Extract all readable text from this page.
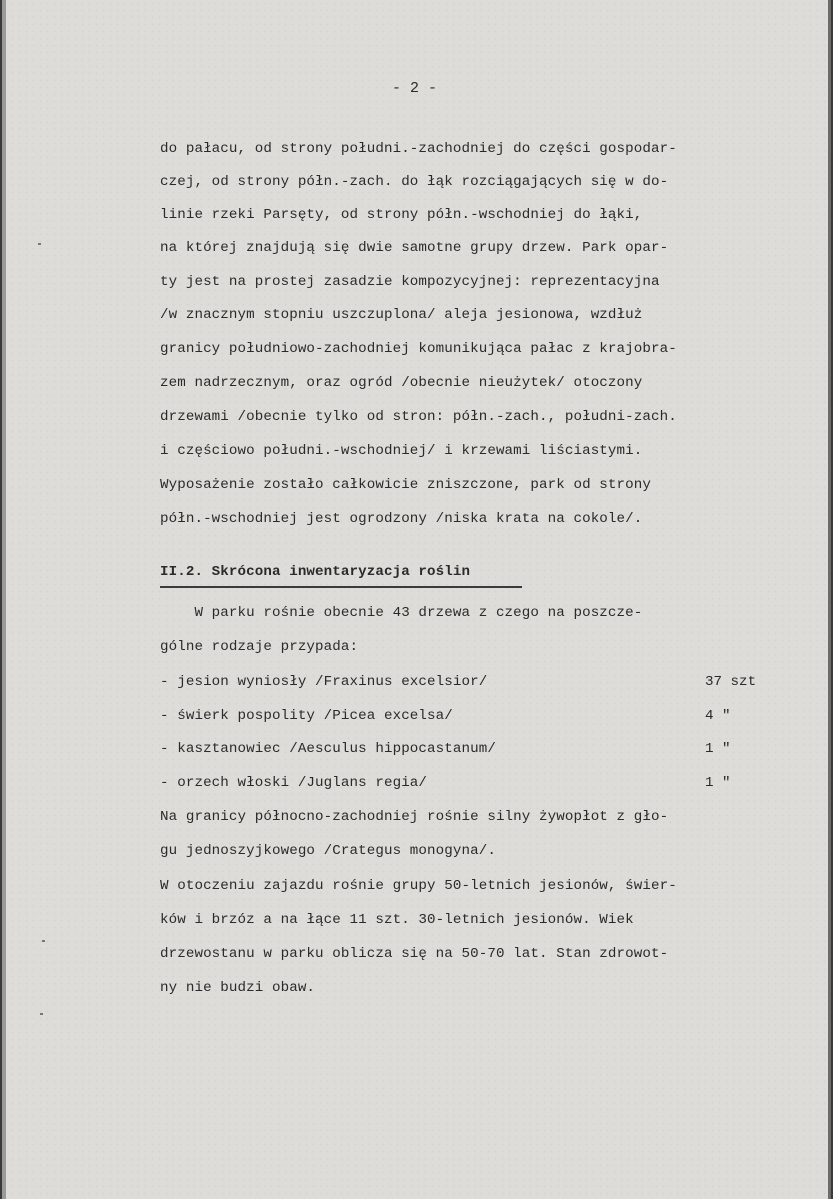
- 2 -
do pałacu, od strony południ.-zachodniej do części gospodar-
czej, od strony półn.-zach. do łąk rozciągających się w do-
linie rzeki Parsęty, od strony półn.-wschodniej do łąki,
na której znajdują się dwie samotne grupy drzew. Park opar-
ty jest na prostej zasadzie kompozycyjnej: reprezentacyjna
/w znacznym stopniu uszczuplona/ aleja jesionowa, wzdłuż
granicy południowo-zachodniej komunikująca pałac z krajobra-
zem nadrzecznym, oraz ogród /obecnie nieużytek/ otoczony
drzewami /obecnie tylko od stron: półn.-zach., południ-zach.
i częściowo południ.-wschodniej/ i krzewami liściastymi.
Wyposażenie zostało całkowicie zniszczone, park od strony
półn.-wschodniej jest ogrodzony /niska krata na cokole/.
II.2. Skrócona inwentaryzacja roślin
W parku rośnie obecnie 43 drzewa z czego na poszcze-
gólne rodzaje przypada:
- jesion wyniosły /Fraxinus excelsior/	37 szt
- świerk pospolity /Picea excelsa/	4 "
- kasztanowiec /Aesculus hippocastanum/	1 "
- orzech włoski /Juglans regia/	1 "
Na granicy północno-zachodniej rośnie silny żywopłot z gło-
gu jednoszyjkowego /Crategus monogyna/.
W otoczeniu zajazdu rośnie grupy 50-letnich jesionów, świer-
ków i brzóz a na łące 11 szt. 30-letnich jesionów. Wiek
drzewostanu w parku oblicza się na 50-70 lat. Stan zdrowot-
ny nie budzi obaw.
